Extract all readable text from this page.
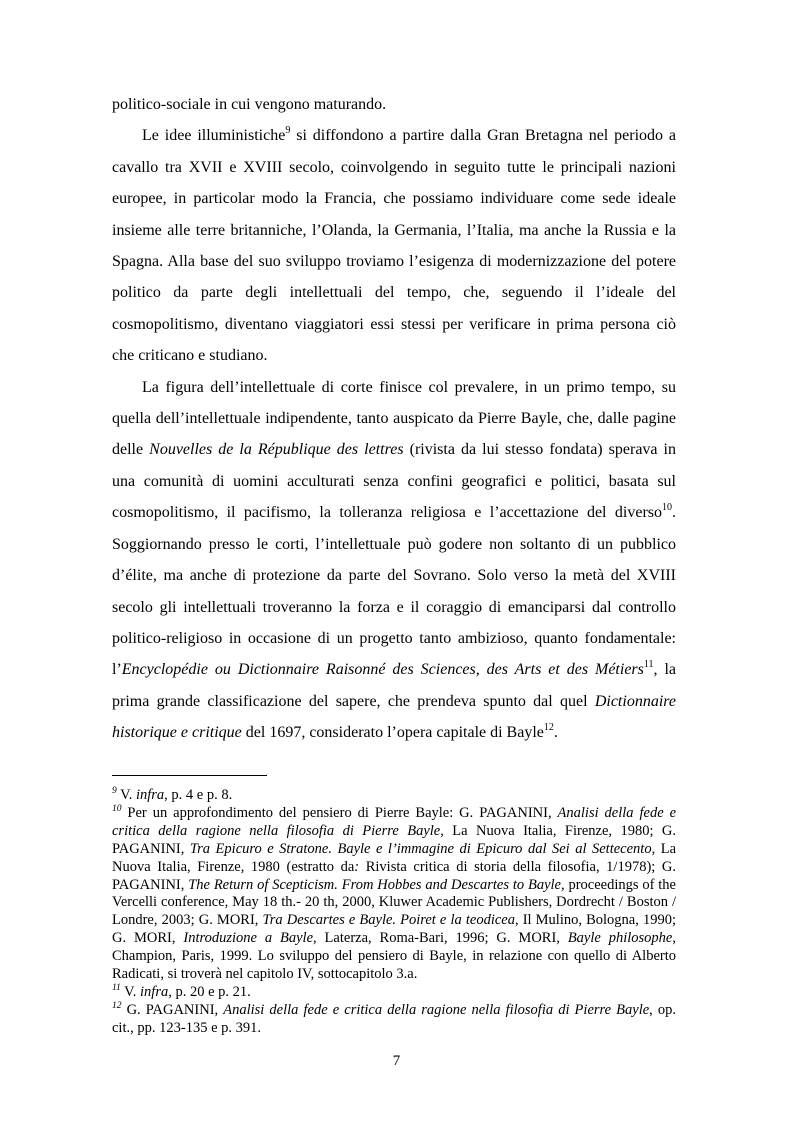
politico-sociale in cui vengono maturando.

Le idee illuministiche$^9$ si diffondono a partire dalla Gran Bretagna nel periodo a cavallo tra XVII e XVIII secolo, coinvolgendo in seguito tutte le principali nazioni europee, in particolar modo la Francia, che possiamo individuare come sede ideale insieme alle terre britanniche, l’Olanda, la Germania, l’Italia, ma anche la Russia e la Spagna. Alla base del suo sviluppo troviamo l’esigenza di modernizzazione del potere politico da parte degli intellettuali del tempo, che, seguendo il l’ideale del cosmopolitismo, diventano viaggiatori essi stessi per verificare in prima persona ciò che criticano e studiano.

La figura dell’intellettuale di corte finisce col prevalere, in un primo tempo, su quella dell’intellettuale indipendente, tanto auspicato da Pierre Bayle, che, dalle pagine delle Nouvelles de la République des lettres (rivista da lui stesso fondata) sperava in una comunità di uomini acculturati senza confini geografici e politici, basata sul cosmopolitismo, il pacifismo, la tolleranza religiosa e l’accettazione del diverso$^{10}$. Soggiornando presso le corti, l’intellettuale può godere non soltanto di un pubblico d’élite, ma anche di protezione da parte del Sovrano. Solo verso la metà del XVIII secolo gli intellettuali troveranno la forza e il coraggio di emanciparsi dal controllo politico-religioso in occasione di un progetto tanto ambizioso, quanto fondamentale: l’Encyclopédie ou Dictionnaire Raisonné des Sciences, des Arts et des Métiers$^{11}$, la prima grande classificazione del sapere, che prendeva spunto dal quel Dictionnaire historique e critique del 1697, considerato l’opera capitale di Bayle$^{12}$.

$^9$ V. infra, p. 4 e p. 8.

$^{10}$ Per un approfondimento del pensiero di Pierre Bayle: G. PAGANINI, Analisi della fede e critica della ragione nella filosofia di Pierre Bayle, La Nuova Italia, Firenze, 1980; G. PAGANINI, Tra Epicuro e Stratone. Bayle e l’immagine di Epicuro dal Sei al Settecento, La Nuova Italia, Firenze, 1980 (estratto da: Rivista critica di storia della filosofia, 1/1978); G. PAGANINI, The Return of Scepticism. From Hobbes and Descartes to Bayle, proceedings of the Vercelli conference, May 18 th.- 20 th, 2000, Kluwer Academic Publishers, Dordrecht / Boston / Londre, 2003; G. MORI, Tra Descartes e Bayle. Poiret e la teodicea, Il Mulino, Bologna, 1990; G. MORI, Introduzione a Bayle, Laterza, Roma-Bari, 1996; G. MORI, Bayle philosophe, Champion, Paris, 1999. Lo sviluppo del pensiero di Bayle, in relazione con quello di Alberto Radicati, si troverà nel capitolo IV, sottocapitolo 3.a.

$^{11}$ V. infra, p. 20 e p. 21.

$^{12}$ G. PAGANINI, Analisi della fede e critica della ragione nella filosofia di Pierre Bayle, op. cit., pp. 123-135 e p. 391.

7
